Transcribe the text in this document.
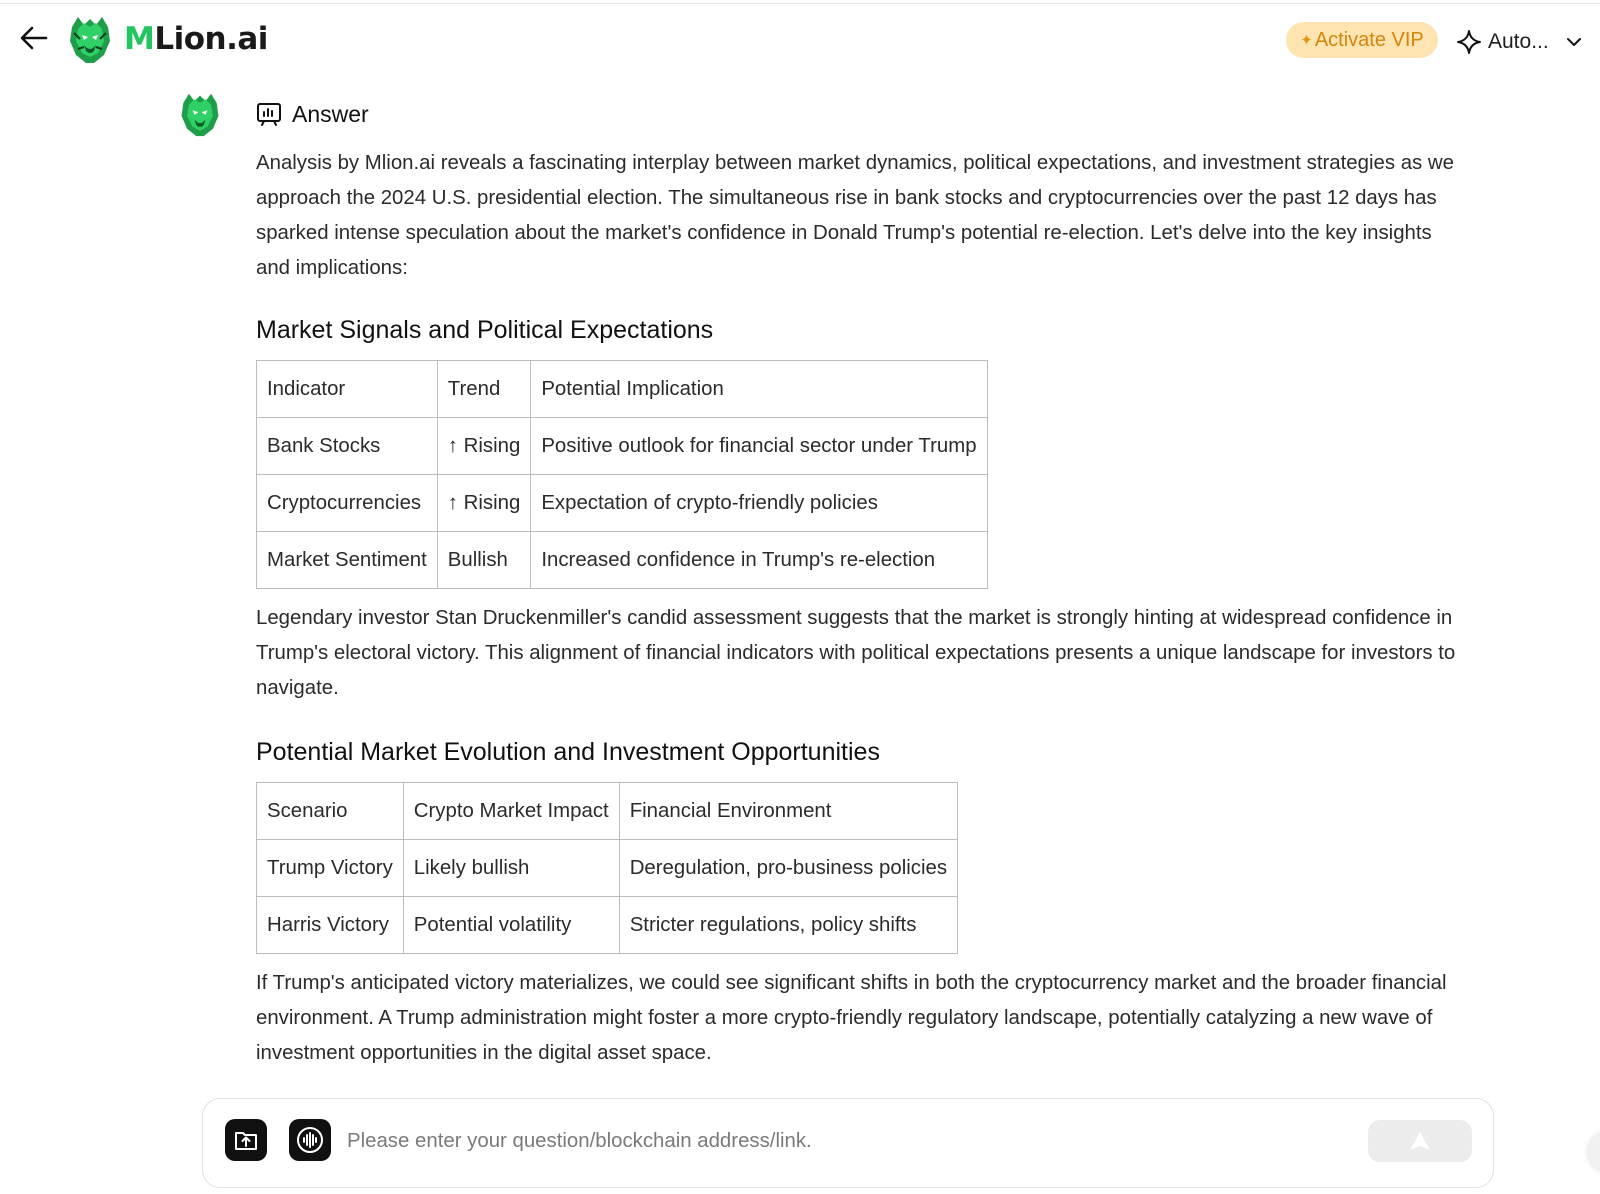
MLion.ai	✦ Activate VIP	Auto...
Answer

Analysis by Mlion.ai reveals a fascinating interplay between market dynamics, political expectations, and investment strategies as we approach the 2024 U.S. presidential election. The simultaneous rise in bank stocks and cryptocurrencies over the past 12 days has sparked intense speculation about the market's confidence in Donald Trump's potential re-election. Let's delve into the key insights and implications:

Market Signals and Political Expectations
Indicator	Trend	Potential Implication
Bank Stocks	↑ Rising	Positive outlook for financial sector under Trump
Cryptocurrencies	↑ Rising	Expectation of crypto-friendly policies
Market Sentiment	Bullish	Increased confidence in Trump's re-election

Legendary investor Stan Druckenmiller's candid assessment suggests that the market is strongly hinting at widespread confidence in Trump's electoral victory. This alignment of financial indicators with political expectations presents a unique landscape for investors to navigate.

Potential Market Evolution and Investment Opportunities
Scenario	Crypto Market Impact	Financial Environment
Trump Victory	Likely bullish	Deregulation, pro-business policies
Harris Victory	Potential volatility	Stricter regulations, policy shifts

If Trump's anticipated victory materializes, we could see significant shifts in both the cryptocurrency market and the broader financial environment. A Trump administration might foster a more crypto-friendly regulatory landscape, potentially catalyzing a new wave of investment opportunities in the digital asset space.

Please enter your question/blockchain address/link.
